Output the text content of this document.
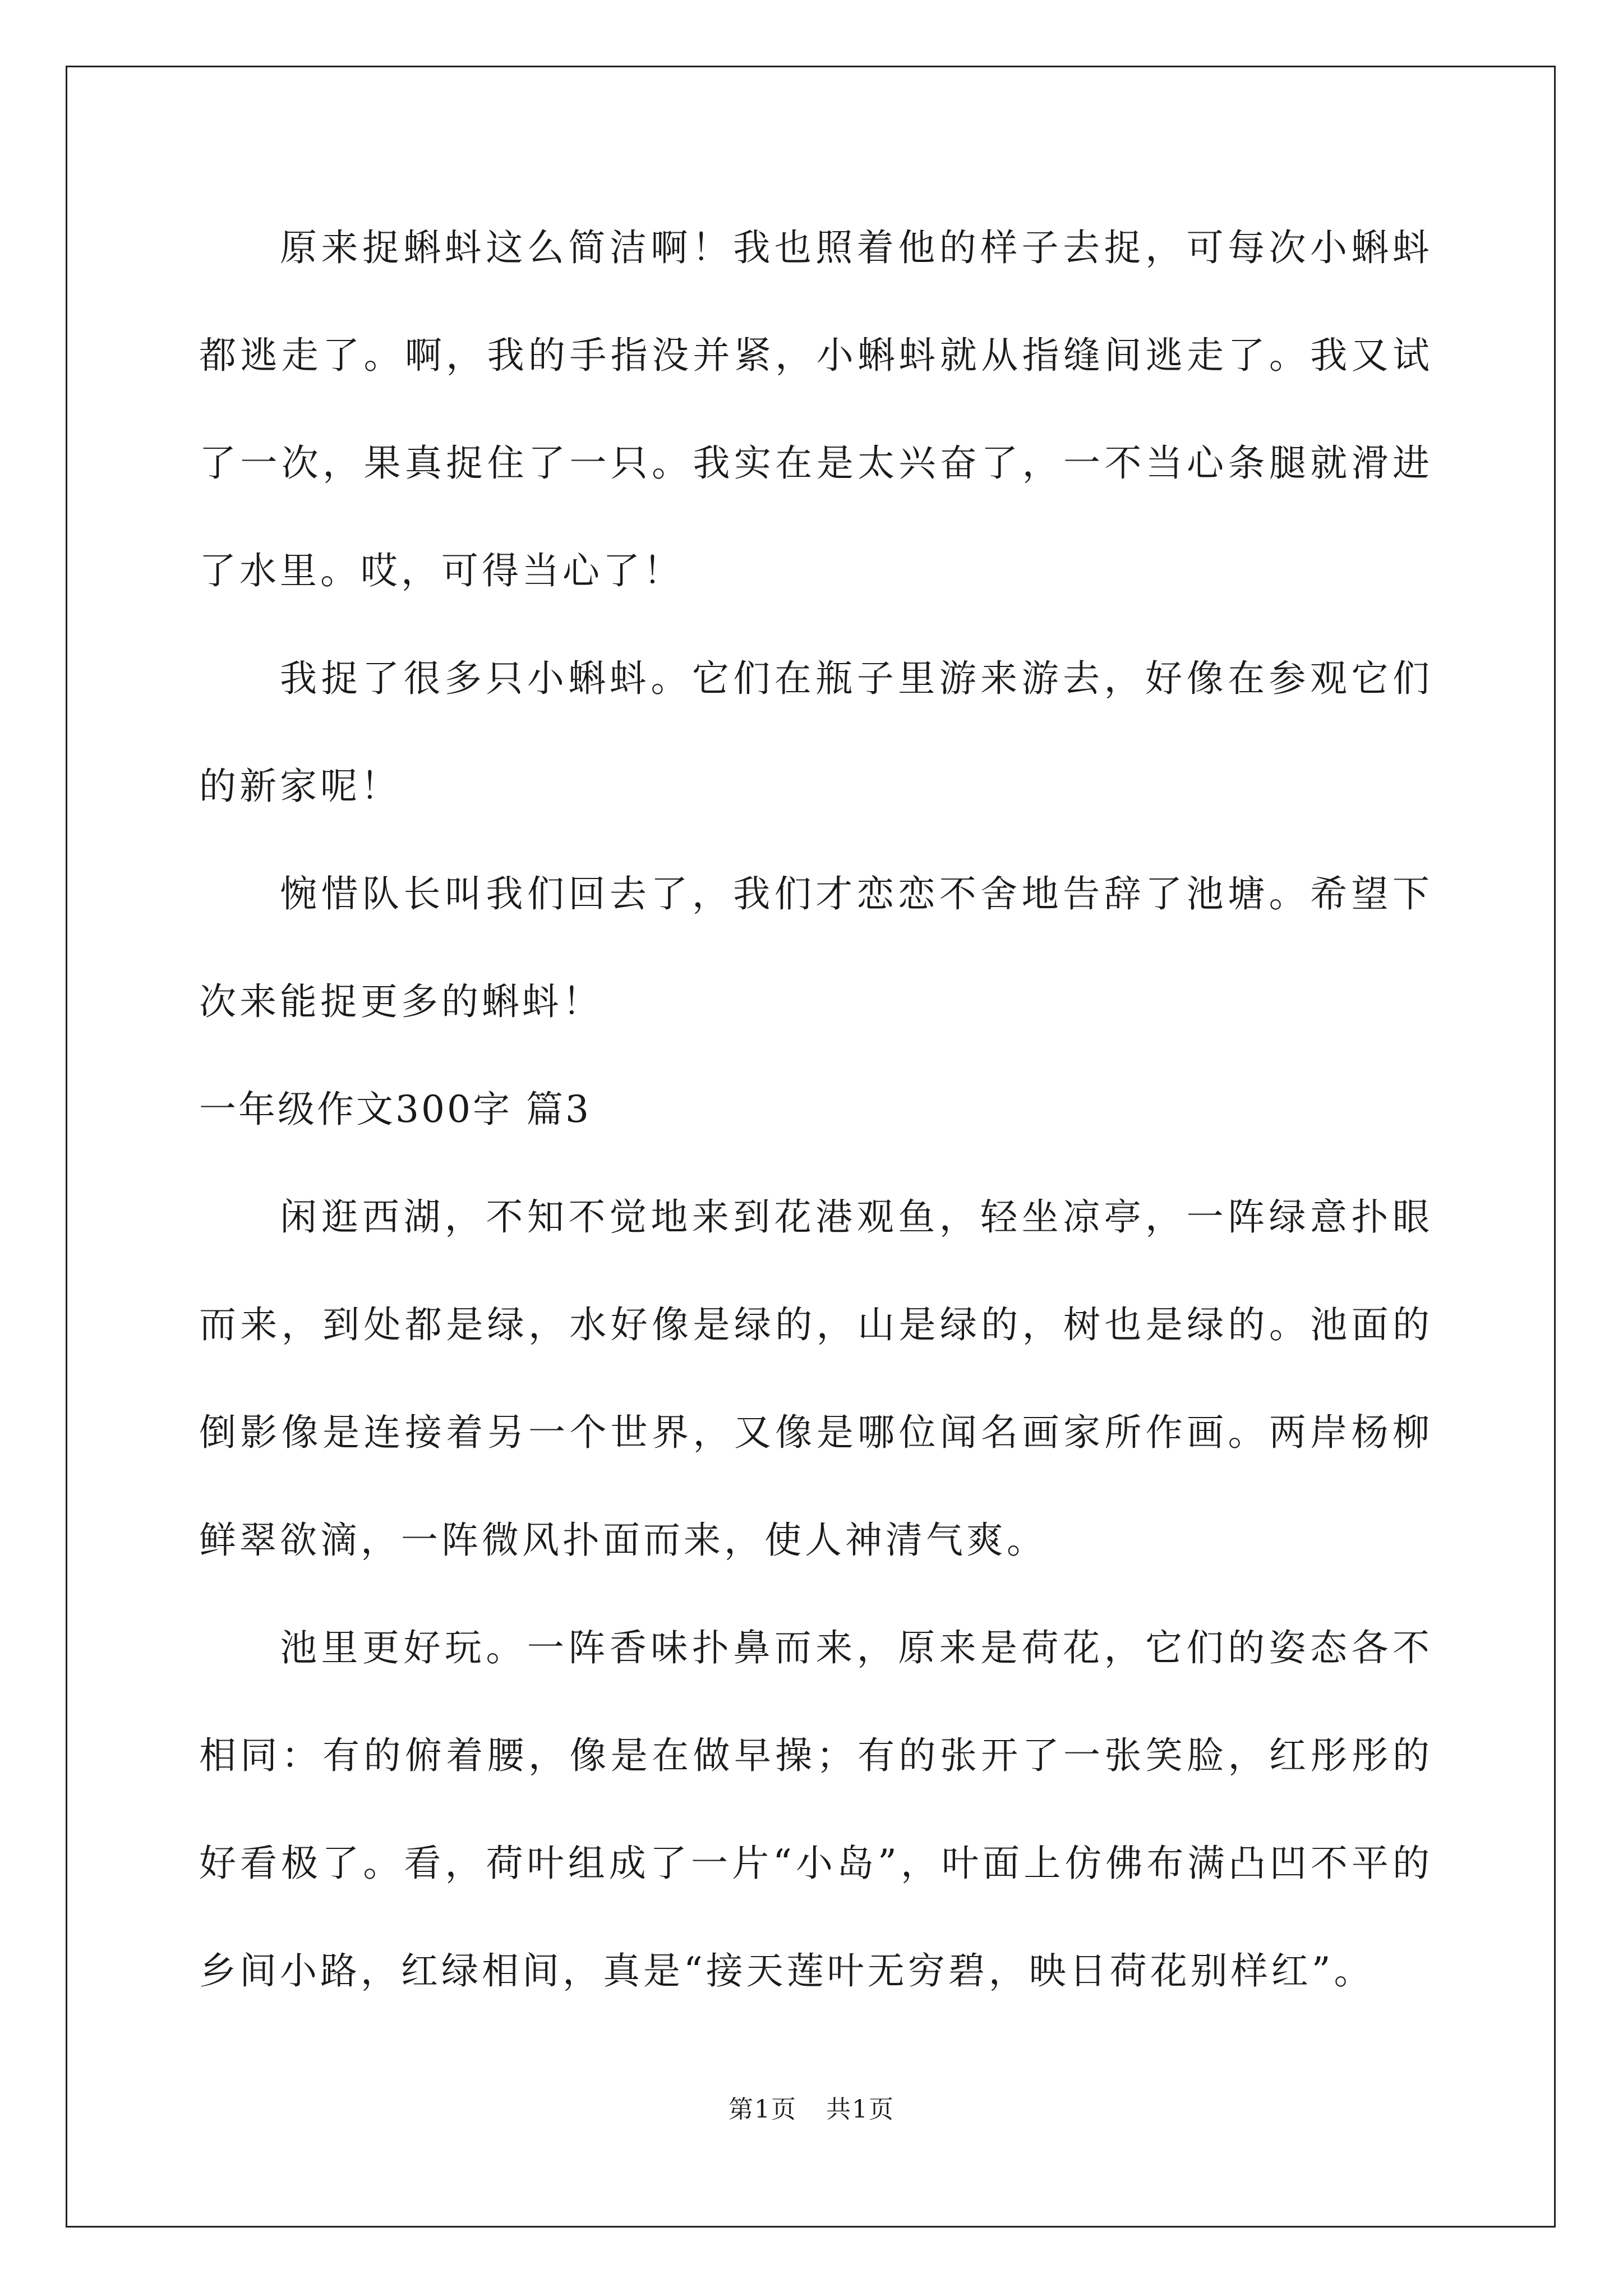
原来捉蝌蚪这么简洁啊！我也照着他的样子去捉，可每次小蝌蚪都逃走了。啊，我的手指没并紧，小蝌蚪就从指缝间逃走了。我又试了一次，果真捉住了一只。我实在是太兴奋了，一不当心条腿就滑进了水里。哎，可得当心了！

我捉了很多只小蝌蚪。它们在瓶子里游来游去，好像在参观它们的新家呢！

惋惜队长叫我们回去了，我们才恋恋不舍地告辞了池塘。希望下次来能捉更多的蝌蚪！

一年级作文300字 篇3

闲逛西湖，不知不觉地来到花港观鱼，轻坐凉亭，一阵绿意扑眼而来，到处都是绿，水好像是绿的，山是绿的，树也是绿的。池面的倒影像是连接着另一个世界，又像是哪位闻名画家所作画。两岸杨柳鲜翠欲滴，一阵微风扑面而来，使人神清气爽。

池里更好玩。一阵香味扑鼻而来，原来是荷花，它们的姿态各不相同：有的俯着腰，像是在做早操；有的张开了一张笑脸，红彤彤的好看极了。看，荷叶组成了一片“小岛”，叶面上仿佛布满凸凹不平的乡间小路，红绿相间，真是“接天莲叶无穷碧，映日荷花别样红”。

第1页 共1页
